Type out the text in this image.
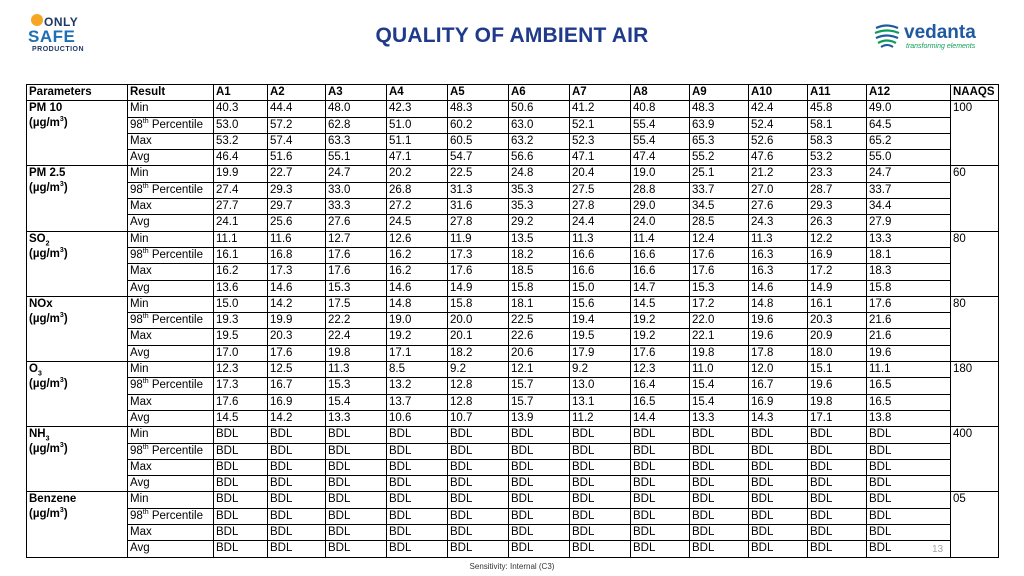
ONLY
SAFE
PRODUCTION
QUALITY OF AMBIENT AIR	vedanta
transforming elements
Parameters	Result	A1	A2	A3	A4	A5	A6	A7	A8	A9	A10	A11	A12	NAAQS
PM 10
$(\mu g/m^3)$	Min	40.3	44.4	48.0	42.3	48.3	50.6	41.2	40.8	48.3	42.4	45.8	49.0	100
	98th Percentile	53.0	57.2	62.8	51.0	60.2	63.0	52.1	55.4	63.9	52.4	58.1	64.5	
	Max	53.2	57.4	63.3	51.1	60.5	63.2	52.3	55.4	65.3	52.6	58.3	65.2	
	Avg	46.4	51.6	55.1	47.1	54.7	56.6	47.1	47.4	55.2	47.6	53.2	55.0	
PM 2.5
$(\mu g/m^3)$	Min	19.9	22.7	24.7	20.2	22.5	24.8	20.4	19.0	25.1	21.2	23.3	24.7	60
	98th Percentile	27.4	29.3	33.0	26.8	31.3	35.3	27.5	28.8	33.7	27.0	28.7	33.7	
	Max	27.7	29.7	33.3	27.2	31.6	35.3	27.8	29.0	34.5	27.6	29.3	34.4	
	Avg	24.1	25.6	27.6	24.5	27.8	29.2	24.4	24.0	28.5	24.3	26.3	27.9	
$SO_2$
$(\mu g/m^3)$	Min	11.1	11.6	12.7	12.6	11.9	13.5	11.3	11.4	12.4	11.3	12.2	13.3	80
	98th Percentile	16.1	16.8	17.6	16.2	17.3	18.2	16.6	16.6	17.6	16.3	16.9	18.1	
	Max	16.2	17.3	17.6	16.2	17.6	18.5	16.6	16.6	17.6	16.3	17.2	18.3	
	Avg	13.6	14.6	15.3	14.6	14.9	15.8	15.0	14.7	15.3	14.6	14.9	15.8	
NOx
$(\mu g/m^3)$	Min	15.0	14.2	17.5	14.8	15.8	18.1	15.6	14.5	17.2	14.8	16.1	17.6	80
	98th Percentile	19.3	19.9	22.2	19.0	20.0	22.5	19.4	19.2	22.0	19.6	20.3	21.6	
	Max	19.5	20.3	22.4	19.2	20.1	22.6	19.5	19.2	22.1	19.6	20.9	21.6	
	Avg	17.0	17.6	19.8	17.1	18.2	20.6	17.9	17.6	19.8	17.8	18.0	19.6	
$O_3$
$(\mu g/m^3)$	Min	12.3	12.5	11.3	8.5	9.2	12.1	9.2	12.3	11.0	12.0	15.1	11.1	180
	98th Percentile	17.3	16.7	15.3	13.2	12.8	15.7	13.0	16.4	15.4	16.7	19.6	16.5	
	Max	17.6	16.9	15.4	13.7	12.8	15.7	13.1	16.5	15.4	16.9	19.8	16.5	
	Avg	14.5	14.2	13.3	10.6	10.7	13.9	11.2	14.4	13.3	14.3	17.1	13.8	
$NH_3$
$(\mu g/m^3)$	Min	BDL	BDL	BDL	BDL	BDL	BDL	BDL	BDL	BDL	BDL	BDL	BDL	400
	98th Percentile	BDL	BDL	BDL	BDL	BDL	BDL	BDL	BDL	BDL	BDL	BDL	BDL	
	Max	BDL	BDL	BDL	BDL	BDL	BDL	BDL	BDL	BDL	BDL	BDL	BDL	
	Avg	BDL	BDL	BDL	BDL	BDL	BDL	BDL	BDL	BDL	BDL	BDL	BDL	
Benzene
$(\mu g/m^3)$	Min	BDL	BDL	BDL	BDL	BDL	BDL	BDL	BDL	BDL	BDL	BDL	BDL	05
	98th Percentile	BDL	BDL	BDL	BDL	BDL	BDL	BDL	BDL	BDL	BDL	BDL	BDL	
	Max	BDL	BDL	BDL	BDL	BDL	BDL	BDL	BDL	BDL	BDL	BDL	BDL	
	Avg	BDL	BDL	BDL	BDL	BDL	BDL	BDL	BDL	BDL	BDL	BDL	BDL		13
Sensitivity: Internal (C3)
